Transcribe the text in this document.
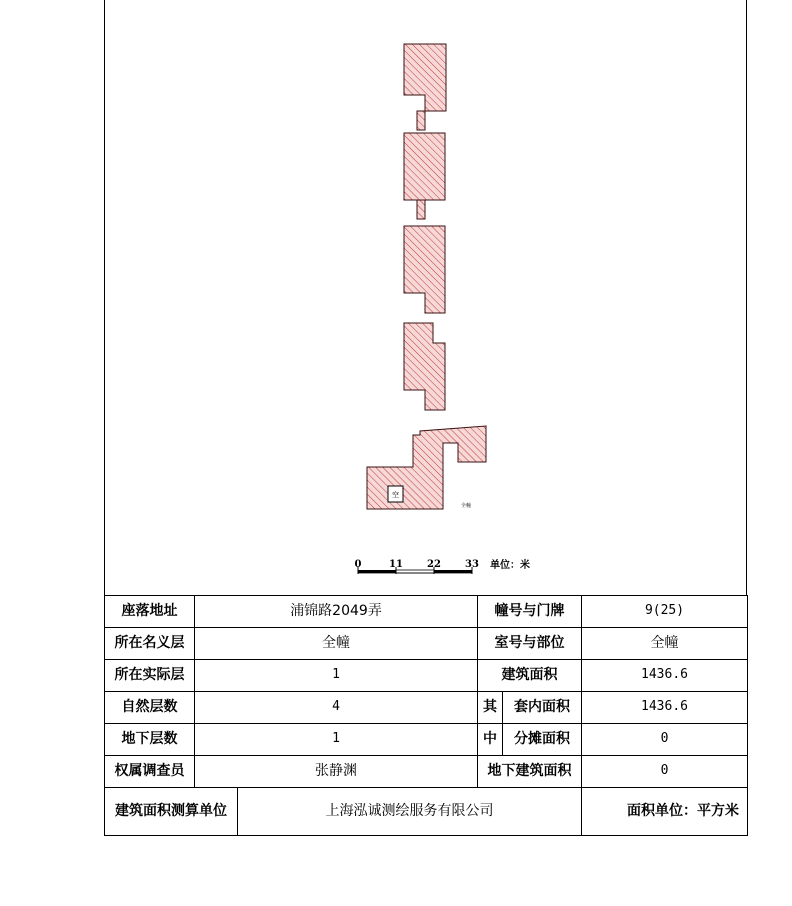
空
全幢
0	11 22 33 单位：米
座落地址	浦锦路2049弄		幢号与门牌		9(25)
所在名义层	全幢		室号与部位		全幢
所在实际层	1		建筑面积		1436.6
自然层数	4		其	套内面积	1436.6
地下层数	1		中	分摊面积	0
权属调查员	张静渊		地下建筑面积		0
建筑面积测算单位		上海泓诚测绘服务有限公司			面积单位：平方米
